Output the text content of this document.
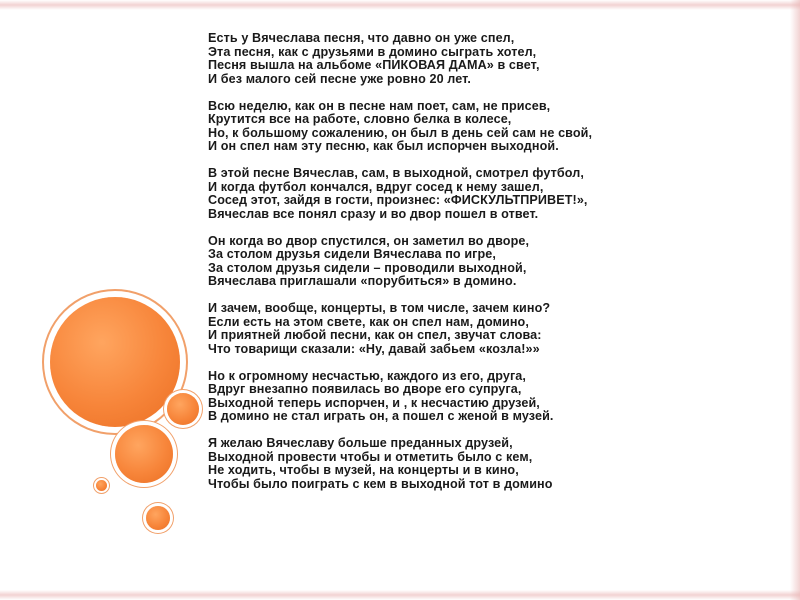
Есть у Вячеслава песня, что давно он уже спел,
Эта песня, как с друзьями в домино сыграть хотел,
Песня вышла на альбоме «ПИКОВАЯ ДАМА» в свет,
И без малого сей песне уже ровно 20 лет.
Всю неделю, как он в песне нам поет, сам, не присев,
Крутится все на работе, словно белка в колесе,
Но, к большому сожалению, он был в день сей сам не свой,
И он спел нам эту песню, как был испорчен выходной.
В этой песне Вячеслав, сам, в выходной, смотрел футбол,
И когда футбол кончался, вдруг сосед к нему зашел,
Сосед этот, зайдя в гости, произнес: «ФИСКУЛЬТПРИВЕТ!»,
Вячеслав все понял сразу и во двор пошел в ответ.
Он когда во двор спустился, он заметил во дворе,
За столом друзья сидели Вячеслава по игре,
За столом друзья сидели – проводили выходной,
Вячеслава приглашали «порубиться» в домино.
И зачем, вообще, концерты, в том числе, зачем кино?
Если есть на этом свете, как он спел нам, домино,
И приятней любой песни, как он спел, звучат слова:
Что товарищи сказали: «Ну, давай забьем «козла!»»
Но к огромному несчастью, каждого из его, друга,
Вдруг внезапно появилась во дворе его супруга,
Выходной теперь испорчен, и , к несчастию друзей,
В домино не стал играть он, а пошел с женой в музей.
Я желаю Вячеславу больше преданных друзей,
Выходной провести чтобы и отметить было с кем,
Не ходить, чтобы в музей, на концерты и в кино,
Чтобы было поиграть с кем в выходной тот в домино
